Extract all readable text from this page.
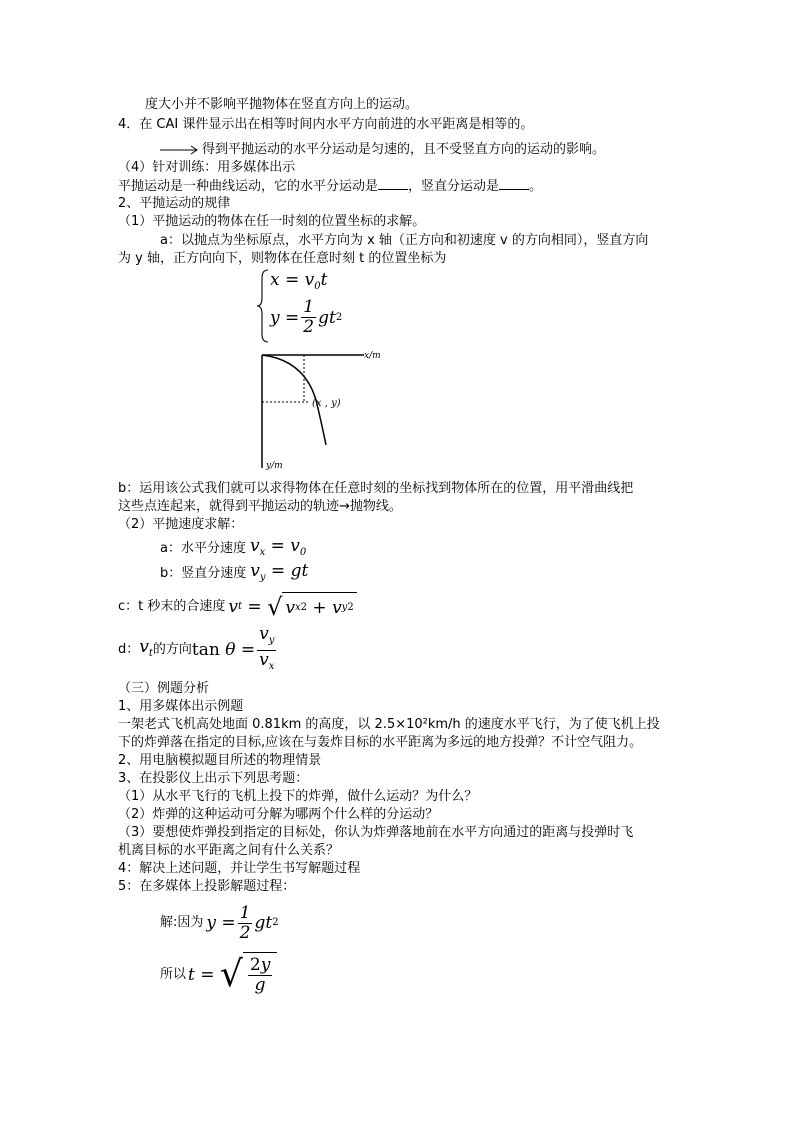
度大小并不影响平抛物体在竖直方向上的运动。
4．在 CAI 课件显示出在相等时间内水平方向前进的水平距离是相等的。
得到平抛运动的水平分运动是匀速的，且不受竖直方向的运动的影响。
（4）针对训练：用多媒体出示
平抛运动是一种曲线运动，它的水平分运动是 ，竖直分运动是 。
2、平抛运动的规律
（1）平抛运动的物体在任一时刻的位置坐标的求解。
a：以抛点为坐标原点，水平方向为 x 轴（正方向和初速度 v 的方向相同），竖直方向
为 y 轴，正方向向下，则物体在任意时刻 t 的位置坐标为
$x = v_0t$
$y = \frac{1}{2}$ gt 2
x/m
y/m
(x , y)
b：运用该公式我们就可以求得物体在任意时刻的坐标找到物体所在的位置，用平滑曲线把
这些点连起来，就得到平抛运动的轨迹→抛物线。
（2）平抛速度求解：
a：水平分速度 $v_x = v_0$
b：竖直分速度 $v_y$ = gt
c：t 秒末的合速度 v t = √ v x 2 + v y 2
d： $v_t$ 的方向 $\tan \theta = \frac{v_y}{v_x}$
（三）例题分析
1、用多媒体出示例题
一架老式飞机高处地面 0.81km 的高度，以 2.5×10²km/h 的速度水平飞行，为了使飞机上投
下的炸弹落在指定的目标,应该在与轰炸目标的水平距离为多远的地方投弹？不计空气阻力。
2、用电脑模拟题目所述的物理情景
3、在投影仪上出示下列思考题：
（1）从水平飞行的飞机上投下的炸弹，做什么运动？为什么？
（2）炸弹的这种运动可分解为哪两个什么样的分运动？
（3）要想使炸弹投到指定的目标处，你认为炸弹落地前在水平方向通过的距离与投弹时飞
机离目标的水平距离之间有什么关系？
4：解决上述问题，并让学生书写解题过程
5：在多媒体上投影解题过程：
解:因为 $y = \frac{1}{2}$ gt 2
所以 t = √ $\frac{2y}{g}$
